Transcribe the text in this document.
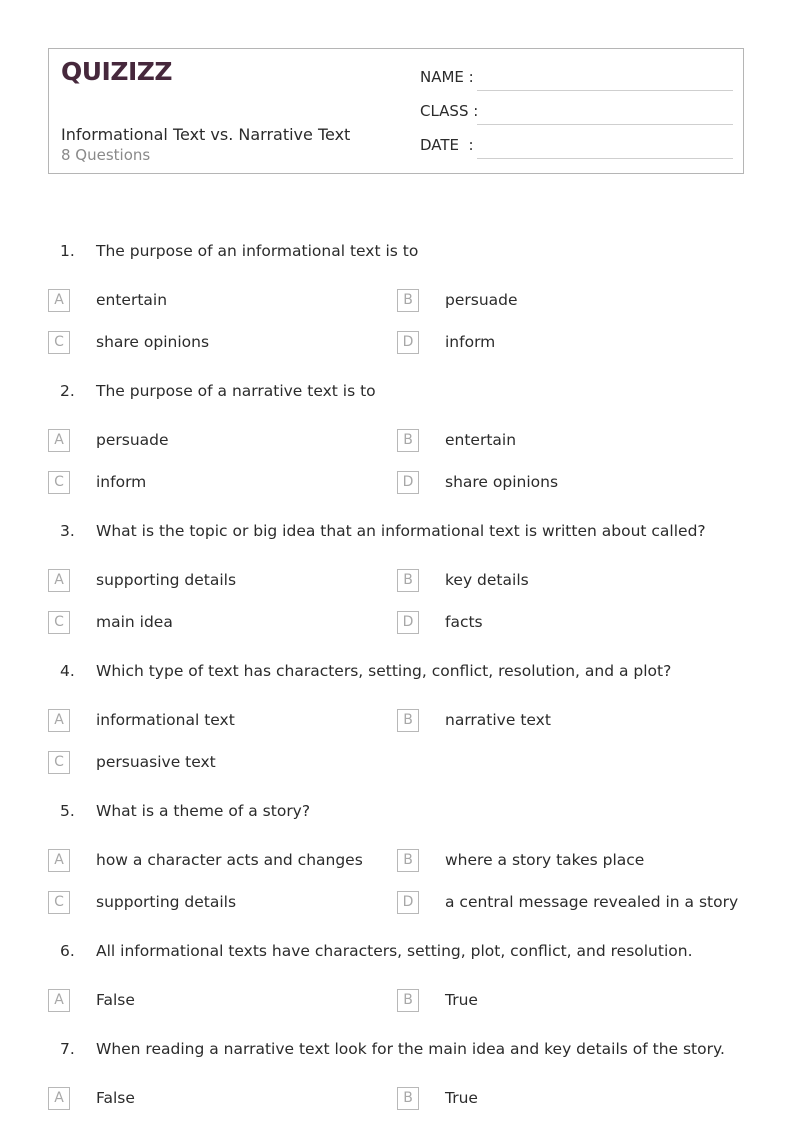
QUIZIZZ
Informational Text vs. Narrative Text
8 Questions
NAME :
CLASS :
DATE  :
1. The purpose of an informational text is to
A	entertain	B	persuade
C	share opinions	D	inform
2. The purpose of a narrative text is to
A	persuade	B	entertain
C	inform	D	share opinions
3. What is the topic or big idea that an informational text is written about called?
A	supporting details	B	key details
C	main idea	D	facts
4. Which type of text has characters, setting, conflict, resolution, and a plot?
A	informational text	B	narrative text
C	persuasive text
5. What is a theme of a story?
A	how a character acts and changes	B	where a story takes place
C	supporting details	D	a central message revealed in a story
6. All informational texts have characters, setting, plot, conflict, and resolution.
A	False	B	True
7. When reading a narrative text look for the main idea and key details of the story.
A	False	B	True
